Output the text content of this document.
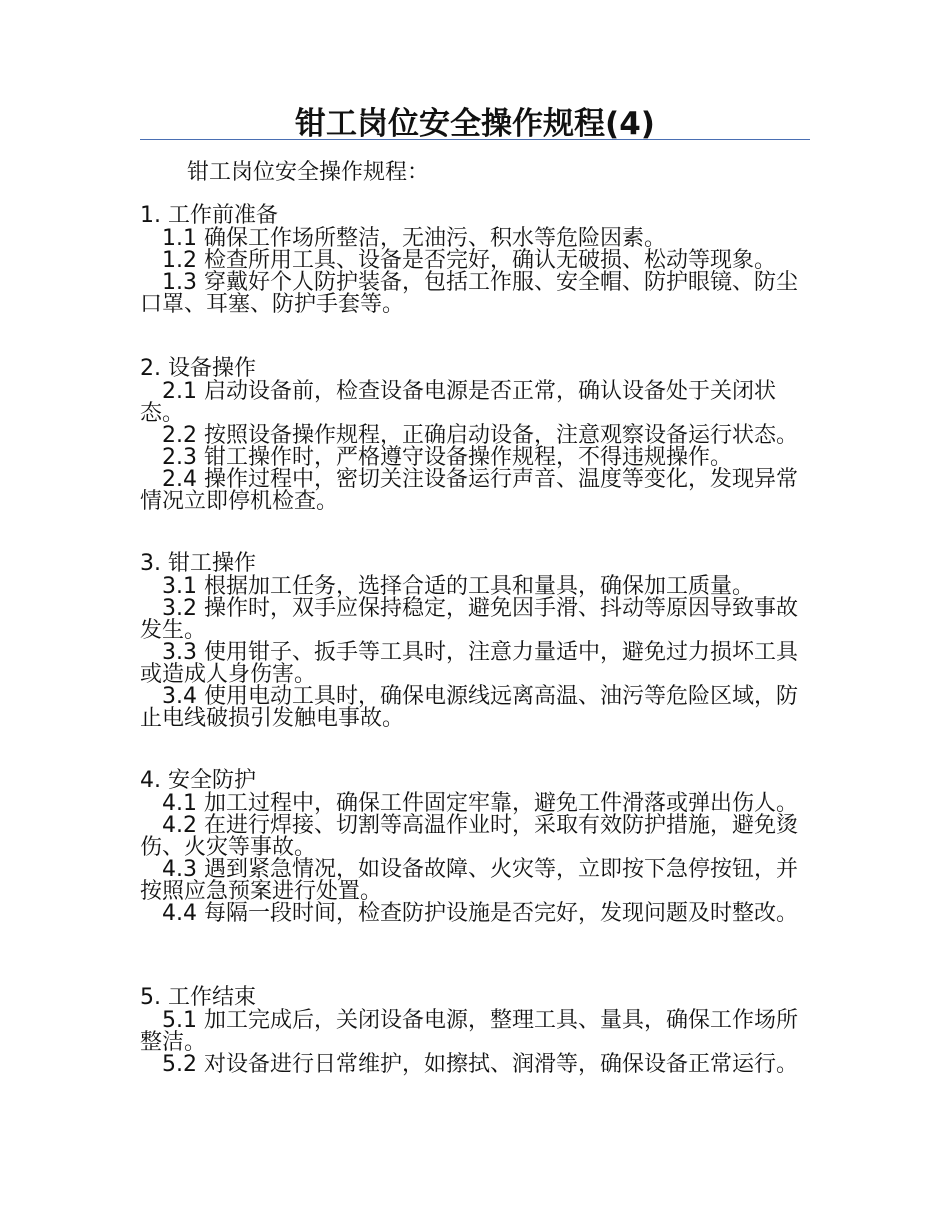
钳工岗位安全操作规程(4)
钳工岗位安全操作规程：
1. 工作前准备

1.1 确保工作场所整洁，无油污、积水等危险因素。

1.2 检查所用工具、设备是否完好，确认无破损、松动等现象。

1.3 穿戴好个人防护装备，包括工作服、安全帽、防护眼镜、防尘口罩、耳塞、防护手套等。

2. 设备操作

2.1 启动设备前，检查设备电源是否正常，确认设备处于关闭状态。

2.2 按照设备操作规程，正确启动设备，注意观察设备运行状态。

2.3 钳工操作时，严格遵守设备操作规程，不得违规操作。

2.4 操作过程中，密切关注设备运行声音、温度等变化，发现异常情况立即停机检查。

3. 钳工操作

3.1 根据加工任务，选择合适的工具和量具，确保加工质量。

3.2 操作时，双手应保持稳定，避免因手滑、抖动等原因导致事故发生。

3.3 使用钳子、扳手等工具时，注意力量适中，避免过力损坏工具或造成人身伤害。

3.4 使用电动工具时，确保电源线远离高温、油污等危险区域，防止电线破损引发触电事故。

4. 安全防护

4.1 加工过程中，确保工件固定牢靠，避免工件滑落或弹出伤人。

4.2 在进行焊接、切割等高温作业时，采取有效防护措施，避免烫伤、火灾等事故。

4.3 遇到紧急情况，如设备故障、火灾等，立即按下急停按钮，并按照应急预案进行处置。

4.4 每隔一段时间，检查防护设施是否完好，发现问题及时整改。

5. 工作结束

5.1 加工完成后，关闭设备电源，整理工具、量具，确保工作场所整洁。

5.2 对设备进行日常维护，如擦拭、润滑等，确保设备正常运行。
